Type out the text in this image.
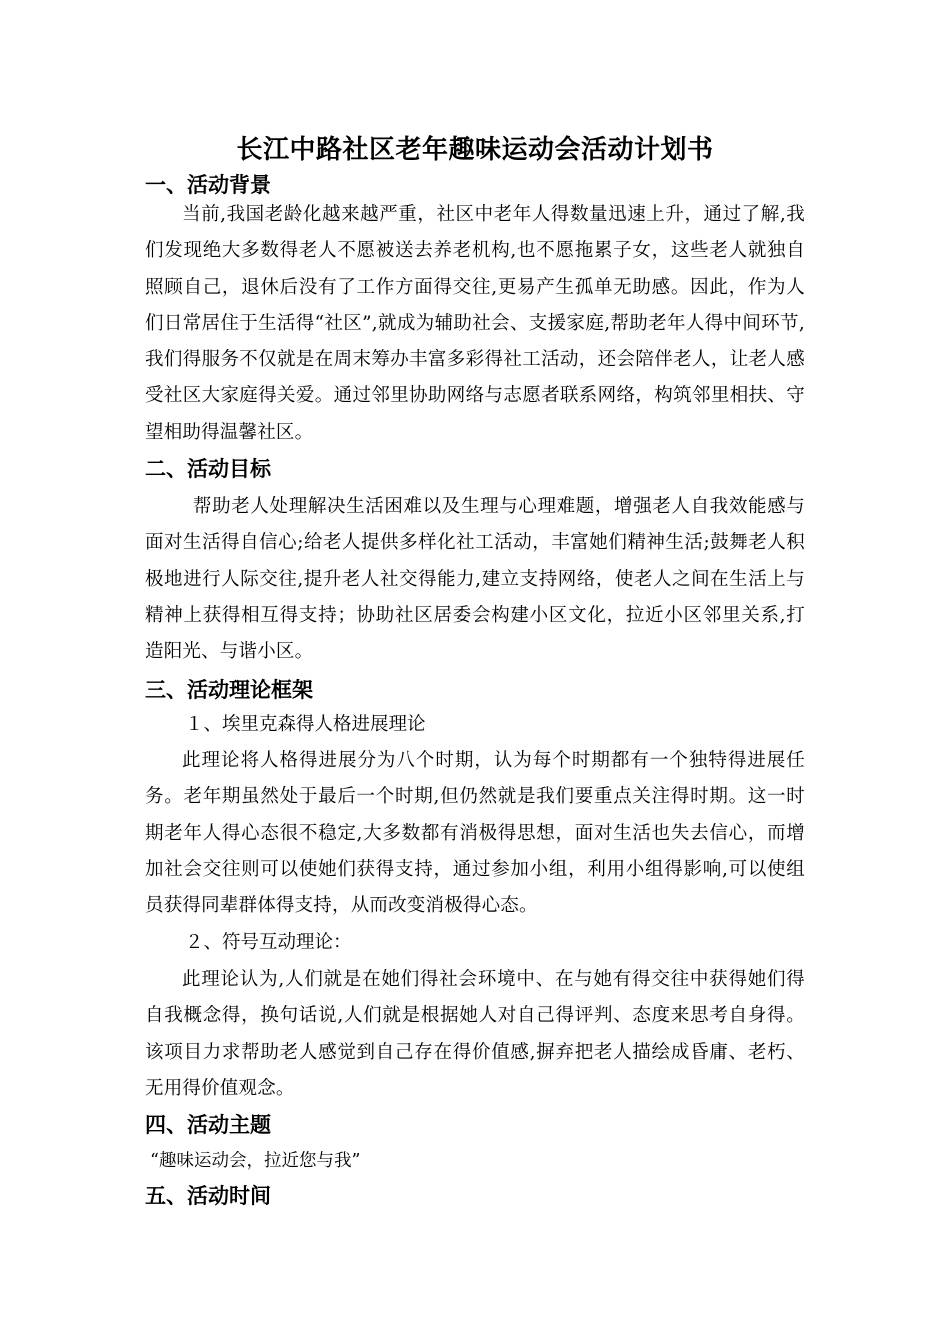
长江中路社区老年趣味运动会活动计划书
一、活动背景
当前,我国老龄化越来越严重，社区中老年人得数量迅速上升，通过了解,我们发现绝大多数得老人不愿被送去养老机构,也不愿拖累子女，这些老人就独自照顾自己，退休后没有了工作方面得交往,更易产生孤单无助感。因此，作为人们日常居住于生活得“社区”,就成为辅助社会、支援家庭,帮助老年人得中间环节,我们得服务不仅就是在周末筹办丰富多彩得社工活动，还会陪伴老人，让老人感受社区大家庭得关爱。通过邻里协助网络与志愿者联系网络，构筑邻里相扶、守望相助得温馨社区。
二、活动目标
帮助老人处理解决生活困难以及生理与心理难题，增强老人自我效能感与面对生活得自信心;给老人提供多样化社工活动，丰富她们精神生活;鼓舞老人积极地进行人际交往,提升老人社交得能力,建立支持网络，使老人之间在生活上与精神上获得相互得支持；协助社区居委会构建小区文化，拉近小区邻里关系,打造阳光、与谐小区。
三、活动理论框架
１、埃里克森得人格进展理论
此理论将人格得进展分为八个时期，认为每个时期都有一个独特得进展任务。老年期虽然处于最后一个时期,但仍然就是我们要重点关注得时期。这一时期老年人得心态很不稳定,大多数都有消极得思想，面对生活也失去信心，而增加社会交往则可以使她们获得支持，通过参加小组，利用小组得影响,可以使组员获得同辈群体得支持，从而改变消极得心态。
２、符号互动理论：
此理论认为,人们就是在她们得社会环境中、在与她有得交往中获得她们得自我概念得，换句话说,人们就是根据她人对自己得评判、态度来思考自身得。该项目力求帮助老人感觉到自己存在得价值感,摒弃把老人描绘成昏庸、老朽、无用得价值观念。
四、活动主题
“趣味运动会，拉近您与我”
五、活动时间
